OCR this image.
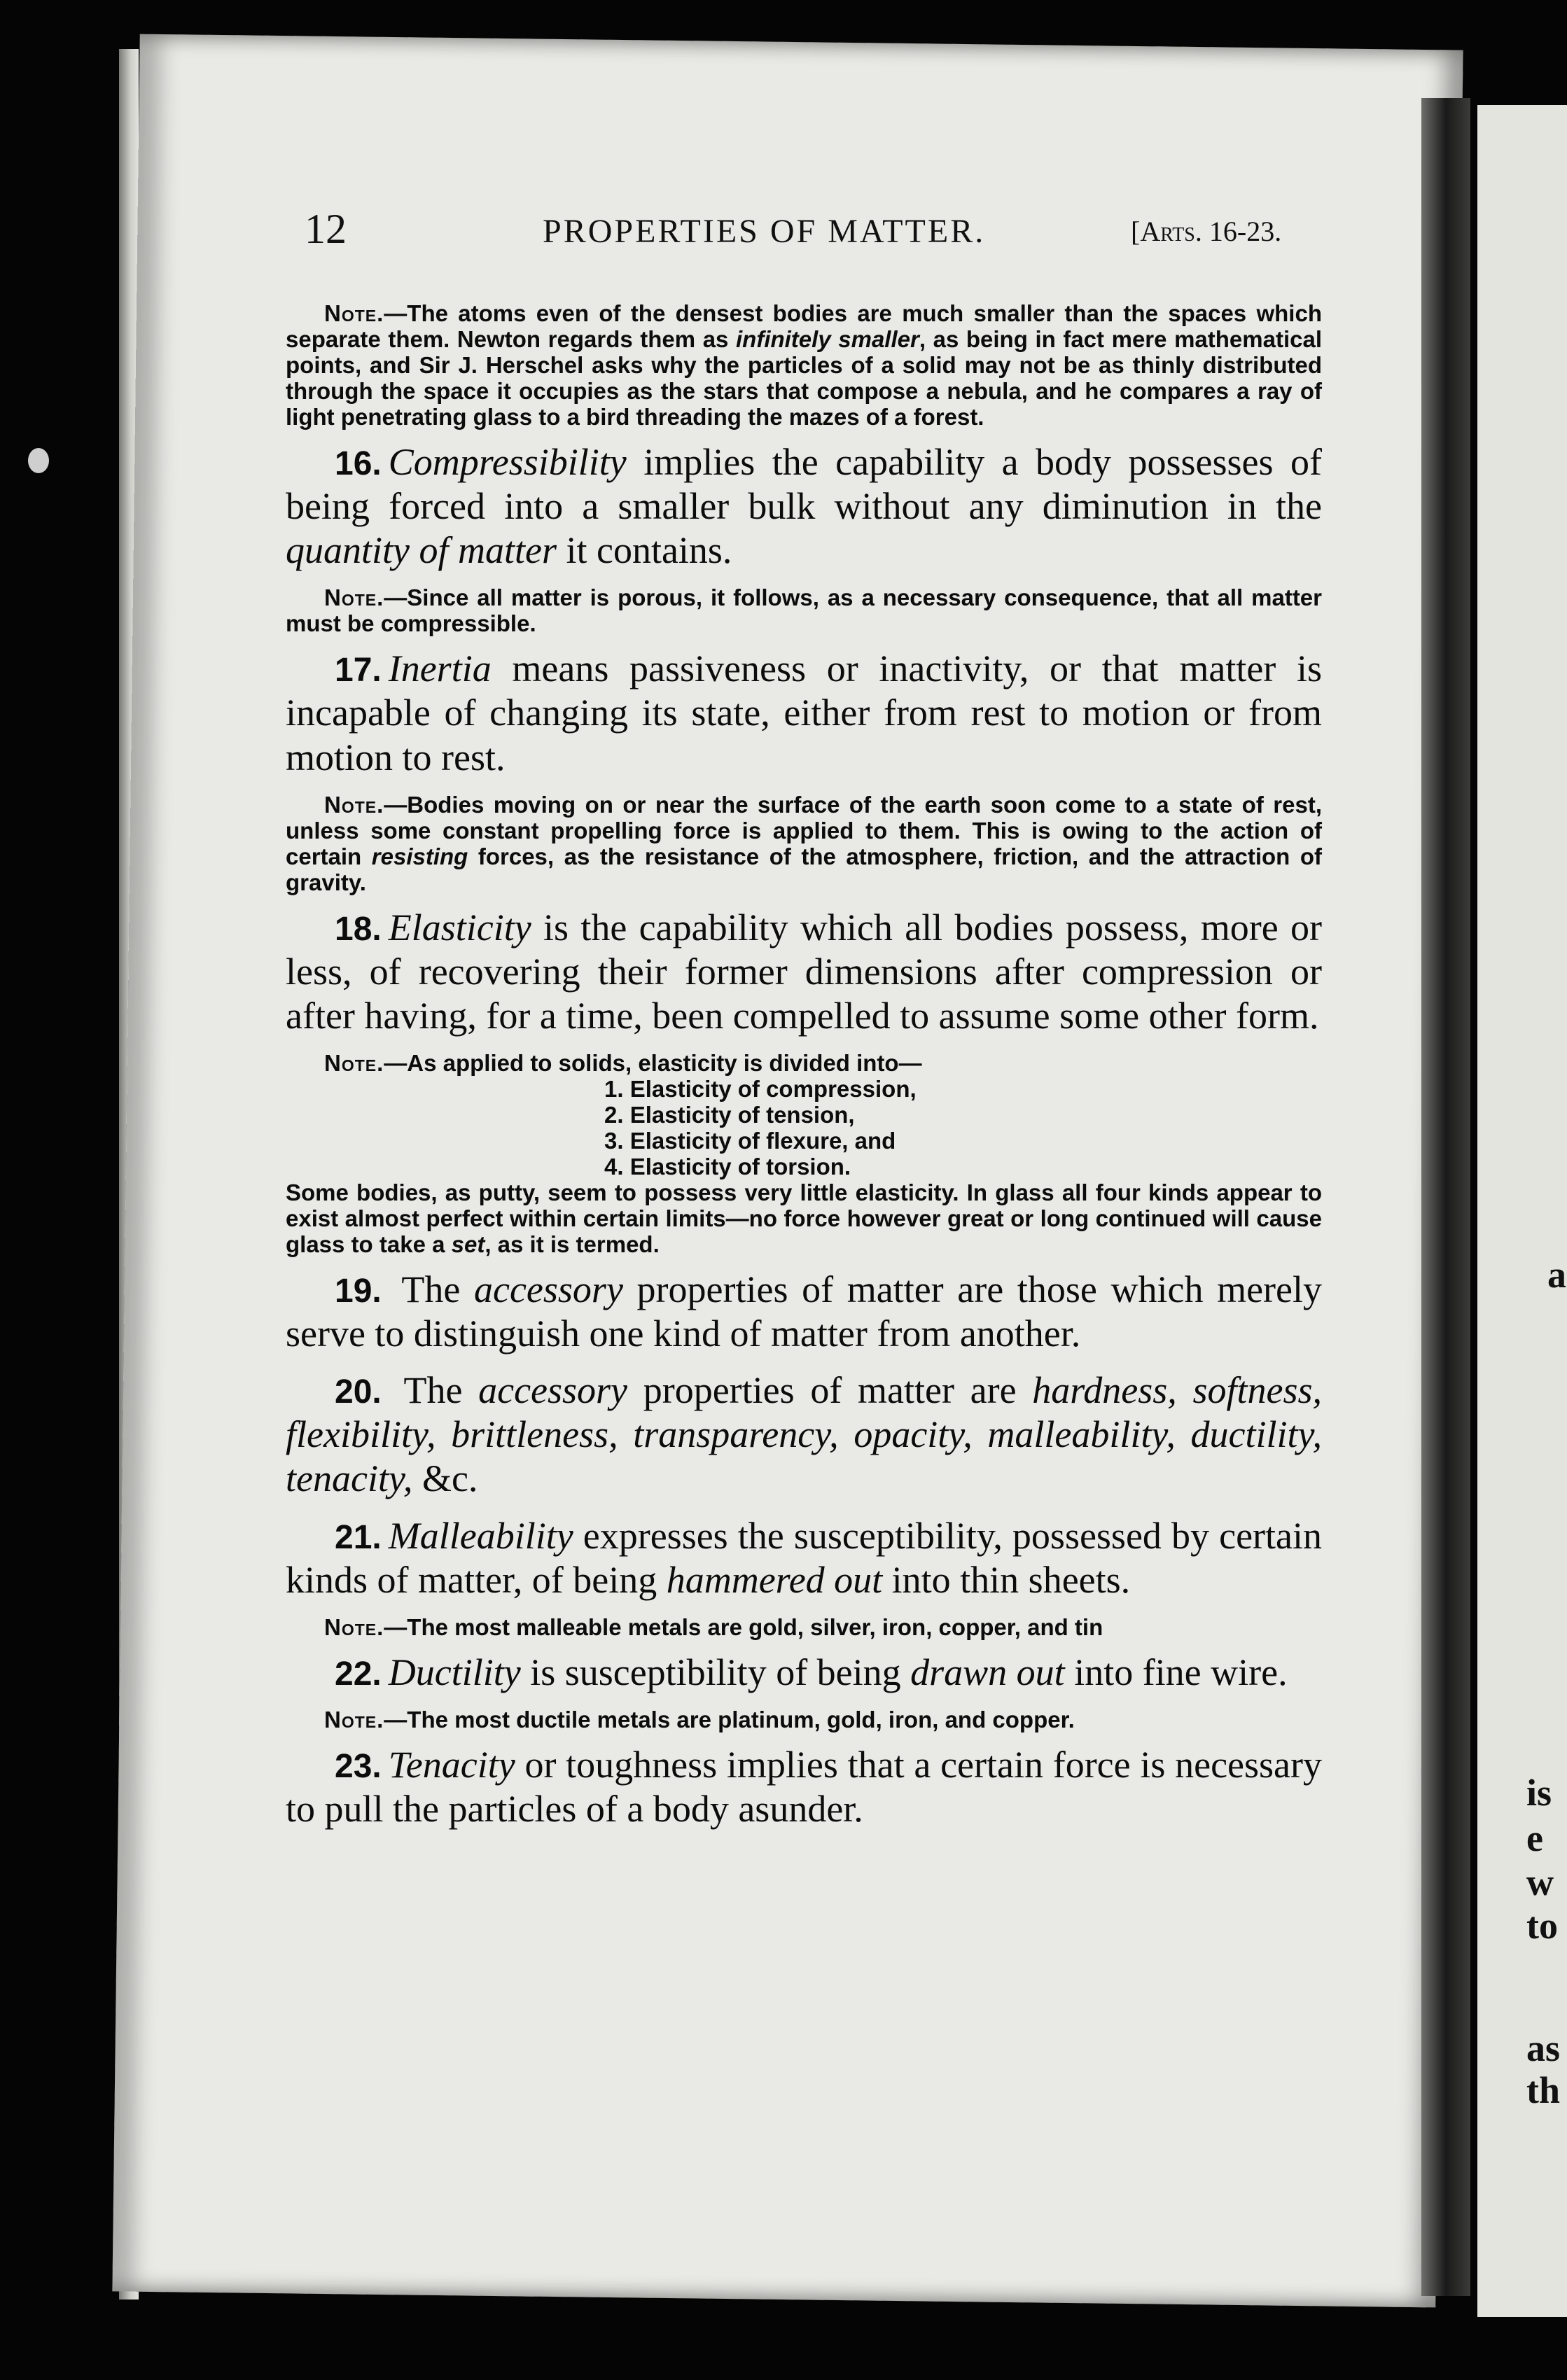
a
is
e
w
to
as
th
12	PROPERTIES OF MATTER.	[Arts. 16-23.

Note.—The atoms even of the densest bodies are much smaller than the spaces which separate them. Newton regards them as infinitely smaller, as being in fact mere mathematical points, and Sir J. Herschel asks why the particles of a solid may not be as thinly distributed through the space it occupies as the stars that compose a nebula, and he compares a ray of light penetrating glass to a bird threading the mazes of a forest.

16. Compressibility implies the capability a body possesses of being forced into a smaller bulk without any diminution in the quantity of matter it contains.

Note.—Since all matter is porous, it follows, as a necessary consequence, that all matter must be compressible.

17. Inertia means passiveness or inactivity, or that matter is incapable of changing its state, either from rest to motion or from motion to rest.

Note.—Bodies moving on or near the surface of the earth soon come to a state of rest, unless some constant propelling force is applied to them. This is owing to the action of certain resisting forces, as the resistance of the atmosphere, friction, and the attraction of gravity.

18. Elasticity is the capability which all bodies possess, more or less, of recovering their former dimensions after compression or after having, for a time, been compelled to assume some other form.

Note.—As applied to solids, elasticity is divided into—

1. Elasticity of compression,
2. Elasticity of tension,
3. Elasticity of flexure, and
4. Elasticity of torsion.

Some bodies, as putty, seem to possess very little elasticity. In glass all four kinds appear to exist almost perfect within certain limits—no force however great or long continued will cause glass to take a set, as it is termed.

19. The accessory properties of matter are those which merely serve to distinguish one kind of matter from another.

20. The accessory properties of matter are hardness, softness, flexibility, brittleness, transparency, opacity, malleability, ductility, tenacity, &c.

21. Malleability expresses the susceptibility, possessed by certain kinds of matter, of being hammered out into thin sheets.

Note.—The most malleable metals are gold, silver, iron, copper, and tin

22. Ductility is susceptibility of being drawn out into fine wire.

Note.—The most ductile metals are platinum, gold, iron, and copper.

23. Tenacity or toughness implies that a certain force is necessary to pull the particles of a body asunder.
